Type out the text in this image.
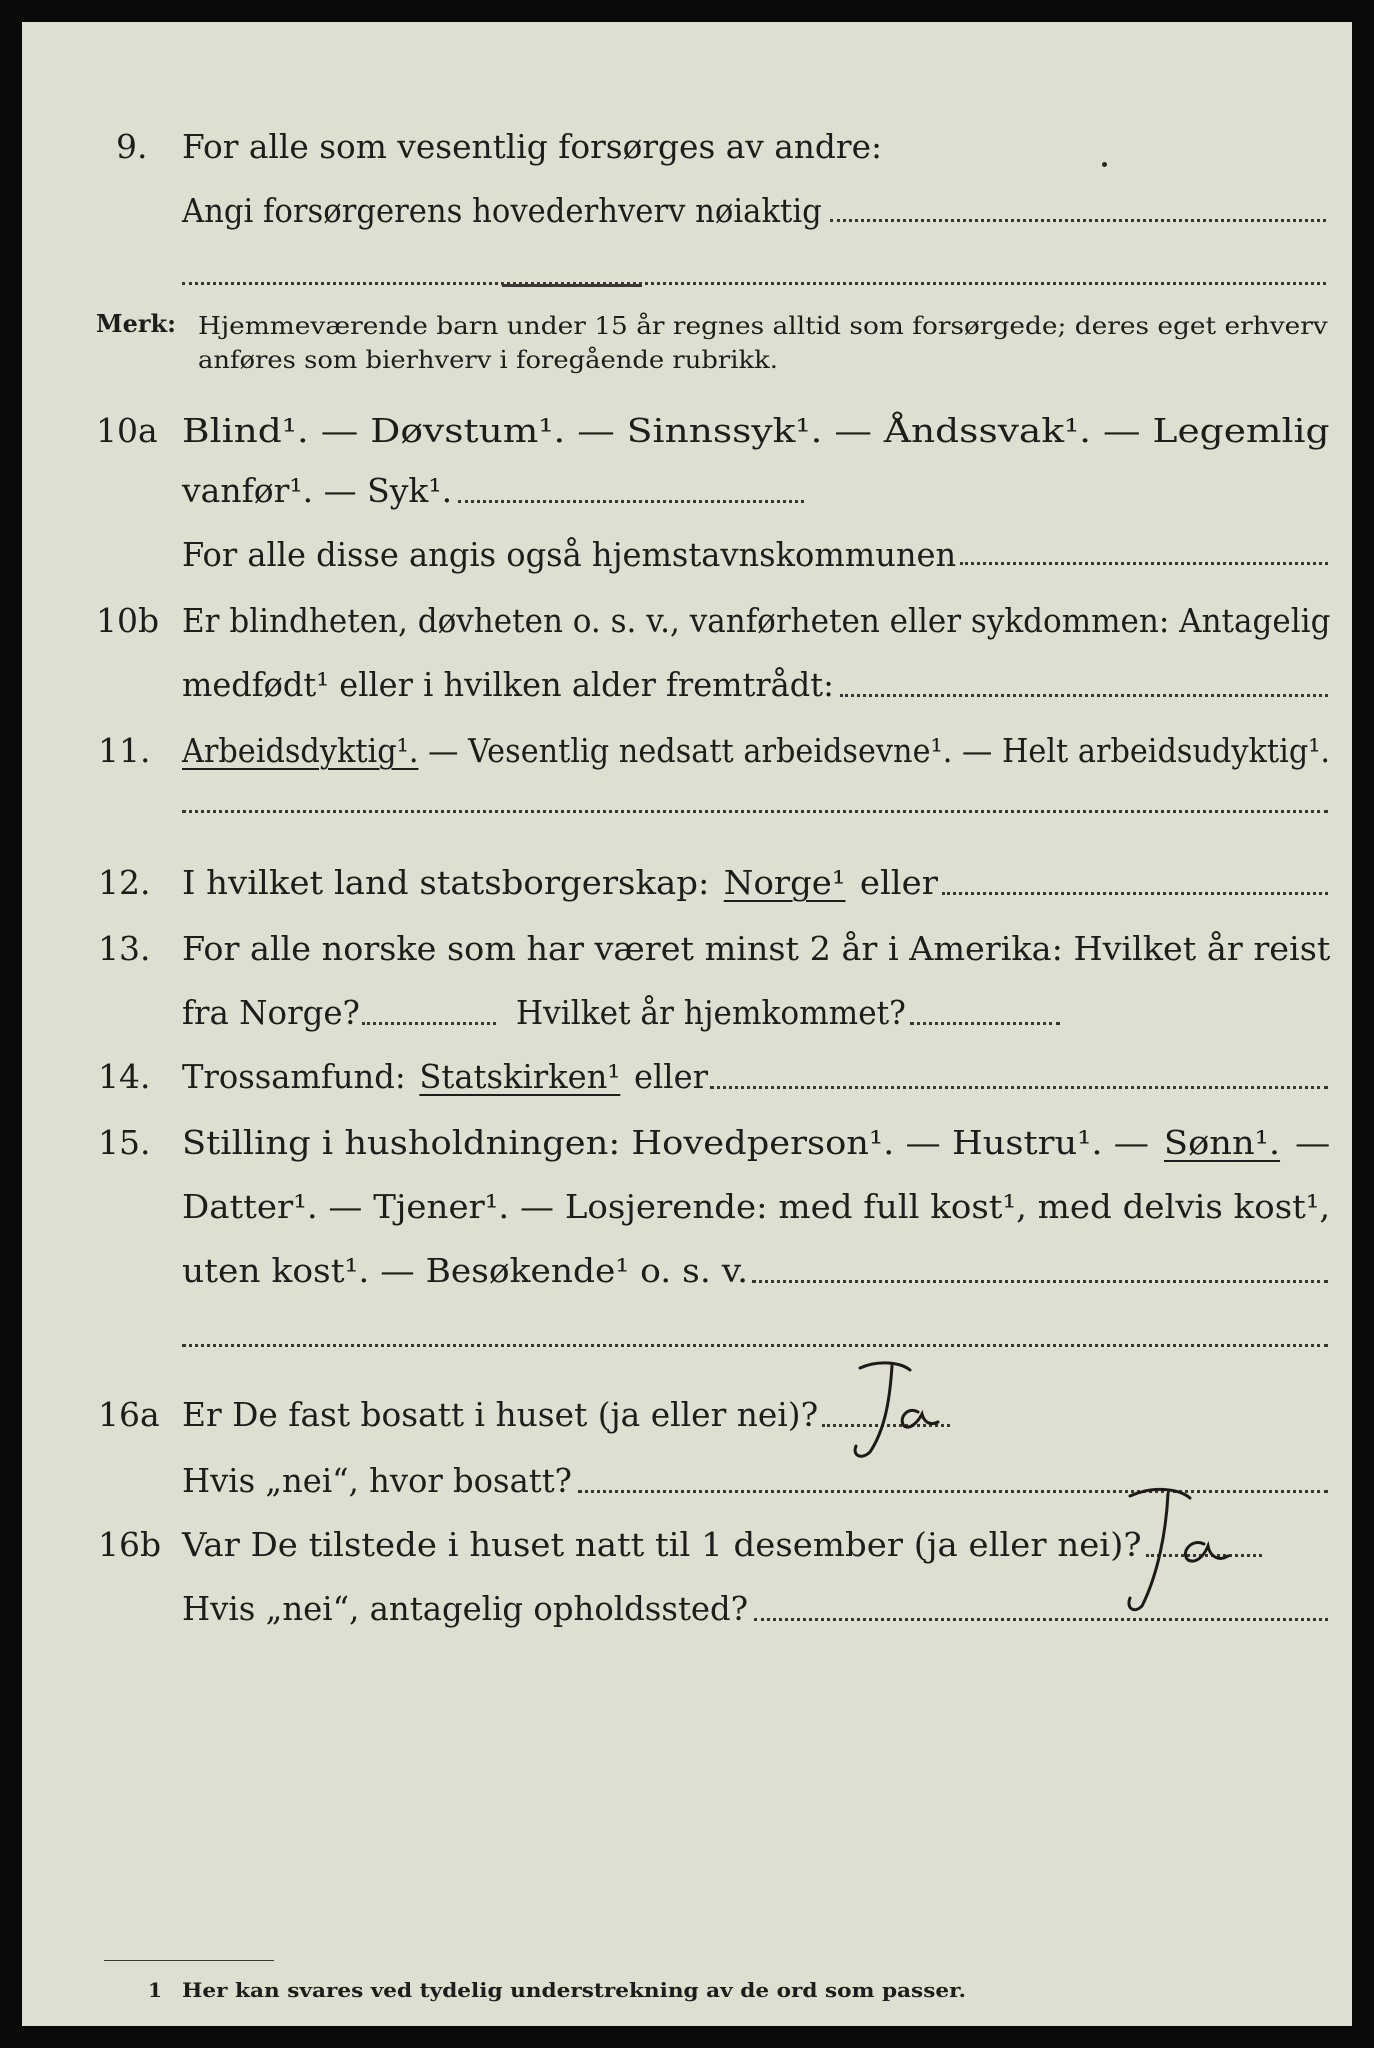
9. For alle som vesentlig forsørges av andre:
Angi forsørgerens hovederhverv nøiaktig
Merk: Hjemmeværende barn under 15 år regnes alltid som forsørgede; deres eget erhverv
anføres som bierhverv i foregående rubrikk.
10a Blind¹. — Døvstum¹. — Sinnssyk¹. — Åndssvak¹. — Legemlig
vanfør¹. — Syk¹.
For alle disse angis også hjemstavnskommunen
10b Er blindheten, døvheten o. s. v., vanførheten eller sykdommen: Antagelig
medfødt¹ eller i hvilken alder fremtrådt:
11. Arbeidsdyktig¹. — Vesentlig nedsatt arbeidsevne¹. — Helt arbeidsudyktig¹.
12. I hvilket land statsborgerskap: Norge¹ eller
13. For alle norske som har været minst 2 år i Amerika: Hvilket år reist
fra Norge?	Hvilket år hjemkommet?
14. Trossamfund: Statskirken¹ eller
15. Stilling i husholdningen: Hovedperson¹. — Hustru¹. — Sønn¹. —
Datter¹. — Tjener¹. — Losjerende: med full kost¹, med delvis kost¹,
uten kost¹. — Besøkende¹ o. s. v.
16a Er De fast bosatt i huset (ja eller nei)?
Ja
Hvis „nei“, hvor bosatt?
16b Var De tilstede i huset natt til 1 desember (ja eller nei)?
Ja
Hvis „nei“, antagelig opholdssted?
1 Her kan svares ved tydelig understrekning av de ord som passer.
